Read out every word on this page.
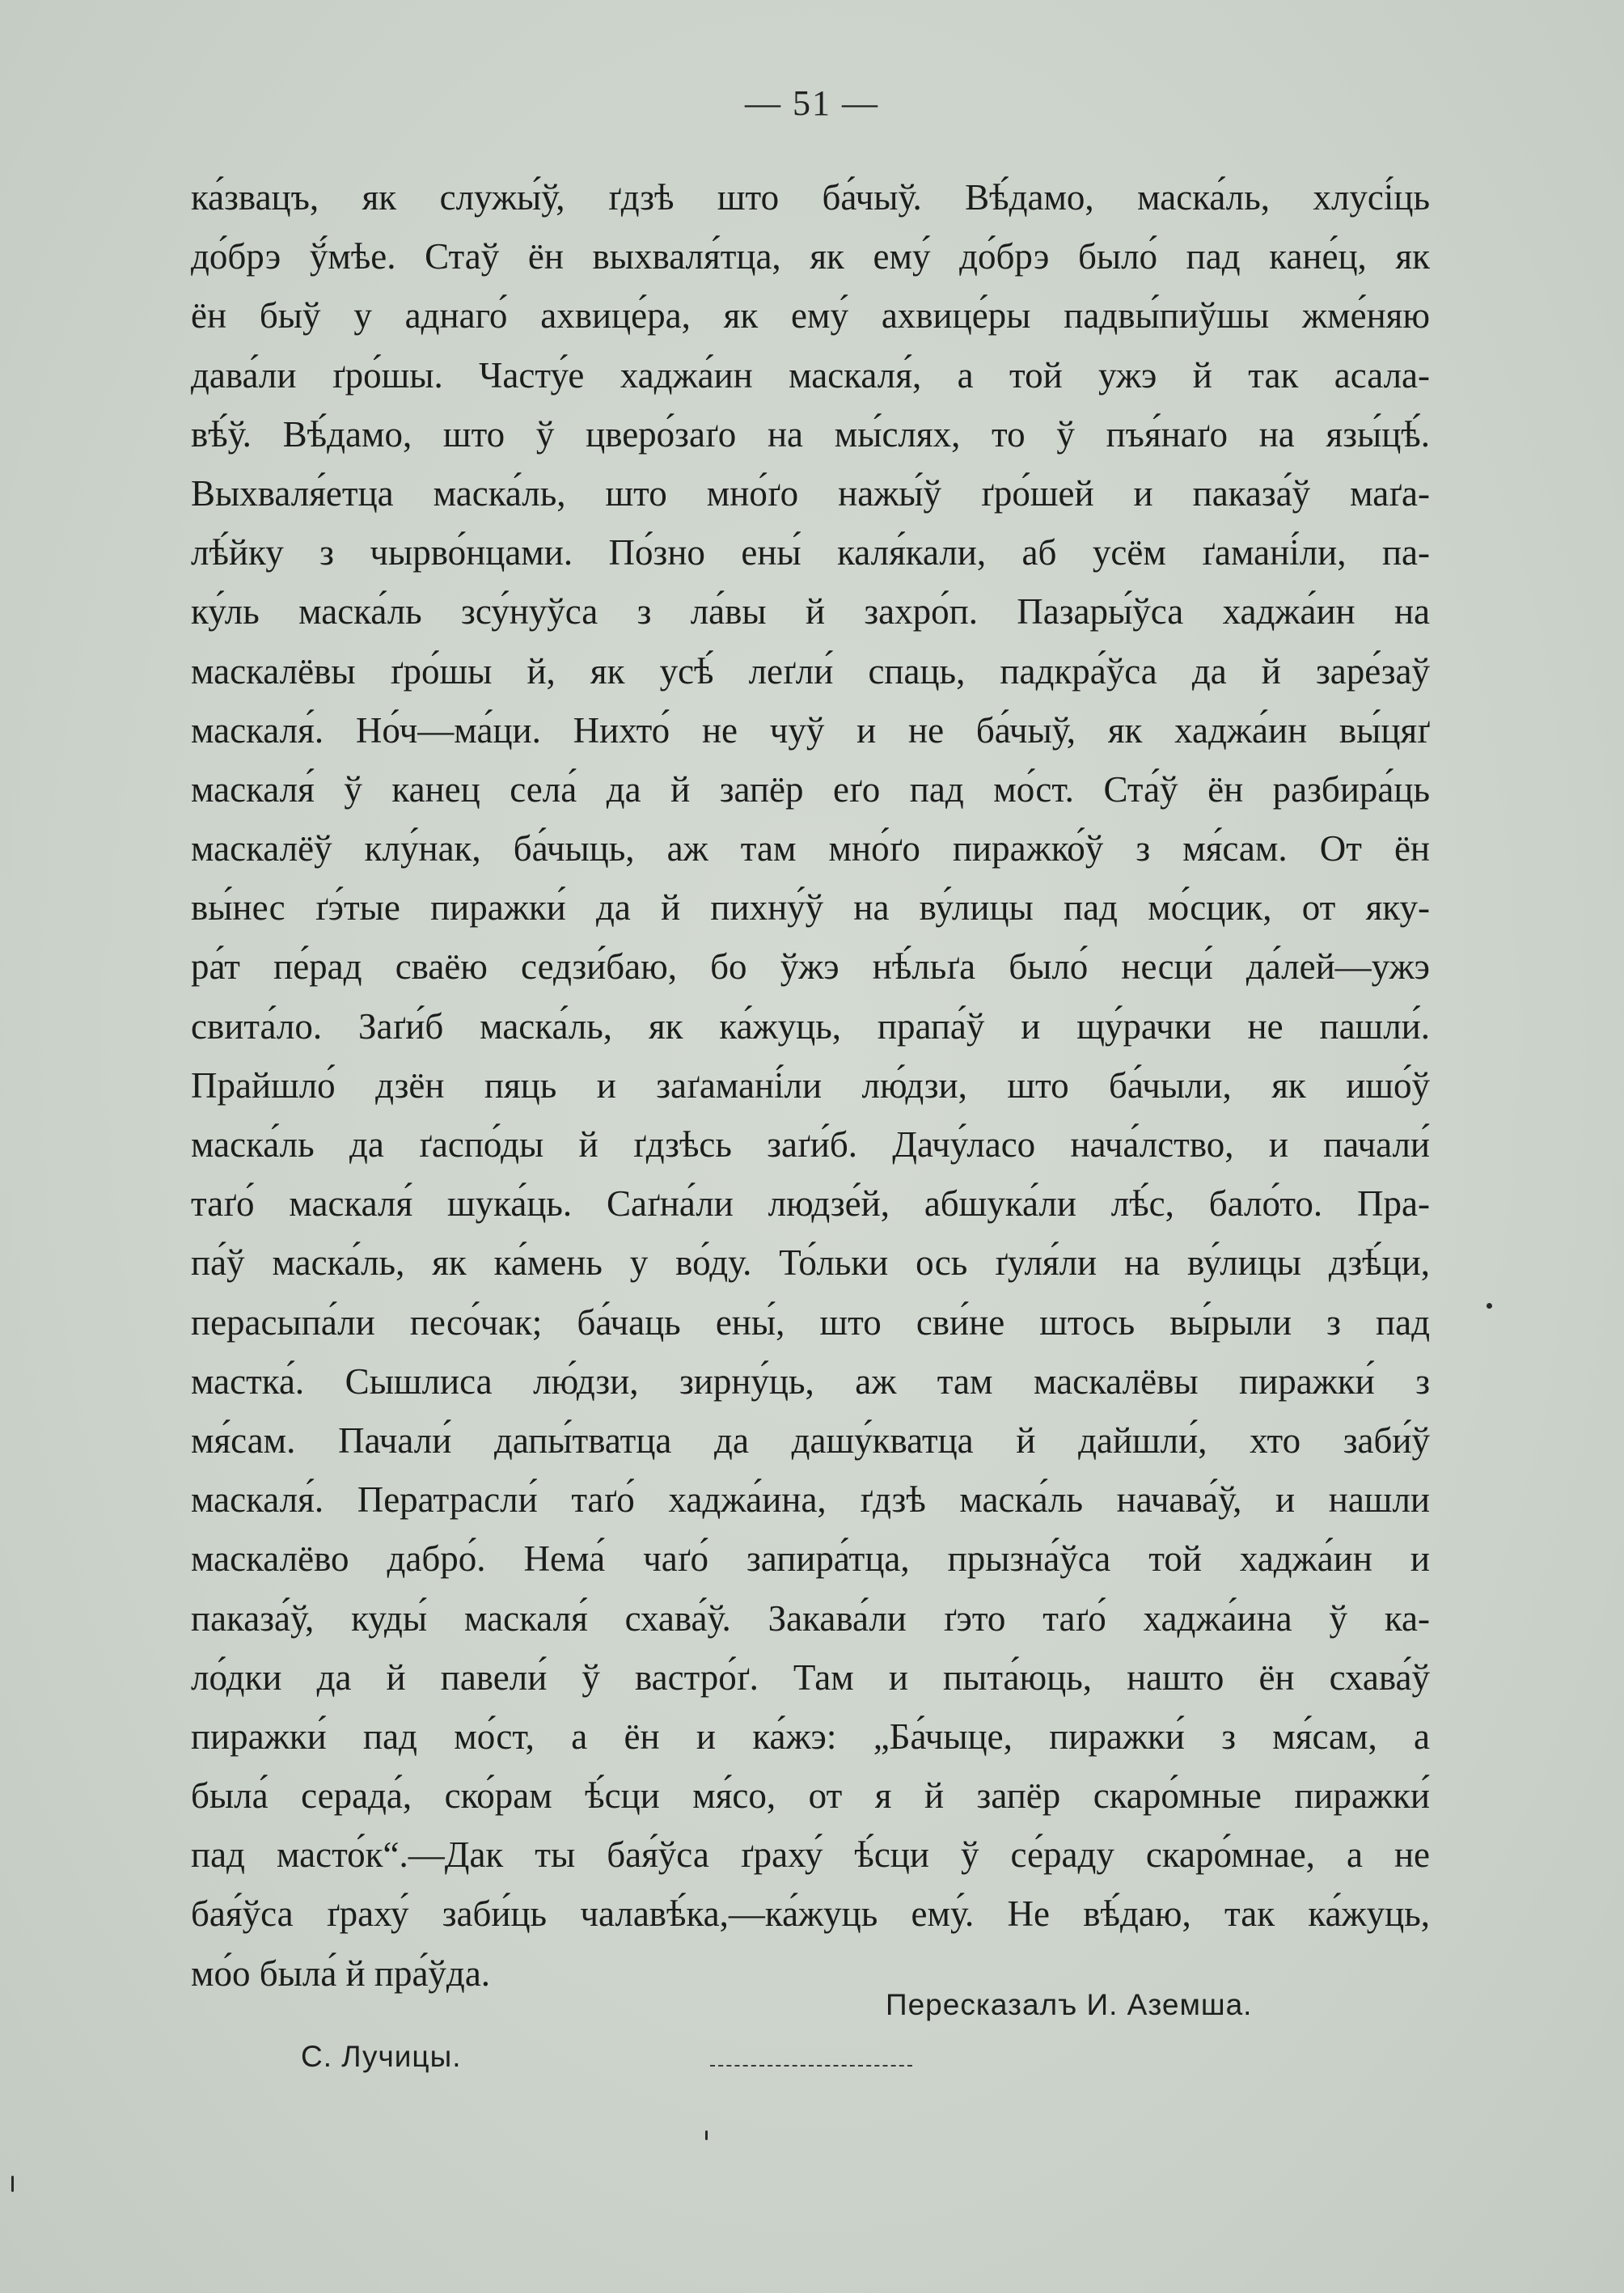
— 51 —
ка́звацъ, як служы́ў, ґдзѣ што ба́чыў. Вѣ́дамо, маска́ль, хлусі́ць
до́брэ ў́мѣе. Стаў ён выхваля́тца, як ему́ до́брэ было́ пад кане́ц, як
ён быў у аднаго́ ахвице́ра, як ему́ ахвице́ры падвы́пиўшы жме́няю
дава́ли ґро́шы. Часту́е хаджа́ин маскаля́, а той ужэ й так асала-
вѣ́ў. Вѣ́дамо, што ў цверо́заґо на мы́слях, то ў пъя́наґо на язы́цѣ́.
Выхваля́етца маска́ль, што мно́ґо нажы́ў ґро́шей и паказа́ў маґа-
лѣ́йку з чырво́нцами. По́зно ены́ каля́кали, аб усём ґамані́ли, па-
ку́ль маска́ль зсу́нуўса з ла́вы й захро́п. Пазары́ўса хаджа́ин на
маскалёвы ґро́шы й, як усѣ́ леґли́ спаць, падкра́ўса да й заре́заў
маскаля́. Но́ч—ма́ци. Нихто́ не чуў и не ба́чыў, як хаджа́ин вы́цяґ
маскаля́ ў канец села́ да й запёр еґо пад мо́ст. Ста́ў ён разбира́ць
маскалёў клу́нак, ба́чыць, аж там мно́ґо пиражко́ў з мя́сам. От ён
вы́нес ґэ́тые пиражки́ да й пихну́ў на ву́лицы пад мо́сцик, от яку-
ра́т пе́рад сваёю седзи́баю, бо ўжэ нѣ́льґа было́ несци́ да́лей—ужэ
свита́ло. Заґи́б маска́ль, як ка́жуць, прапа́ў и щу́рачки не пашли́.
Прайшло́ дзён пяць и заґамані́ли лю́дзи, што ба́чыли, як ишо́ў
маска́ль да ґаспо́ды й ґдзѣсь заґи́б. Дачу́ласо нача́лство, и пачали́
таґо́ маскаля́ шука́ць. Саґна́ли людзе́й, абшука́ли лѣ́с, бало́то. Пра-
па́ў маска́ль, як ка́мень у во́ду. То́льки ось ґуля́ли на ву́лицы дзѣ́ци,
перасыпа́ли песо́чак; ба́чаць ены́, што сви́не штось вы́рыли з пад
мастка́. Сышлиса лю́дзи, зирну́ць, аж там маскалёвы пиражки́ з
мя́сам. Пачали́ дапы́тватца да дашу́кватца й дайшли́, хто заби́ў
маскаля́. Ператрасли́ таґо́ хаджа́ина, ґдзѣ маска́ль начава́ў, и нашли
маскалёво дабро́. Нема́ чаґо́ запира́тца, прызна́ўса той хаджа́ин и
паказа́ў, куды́ маскаля́ схава́ў. Закава́ли ґэто таґо́ хаджа́ина ў ка-
ло́дки да й павели́ ў вастро́ґ. Там и пыта́юць, нашто ён схава́ў
пиражки́ пад мо́ст, а ён и ка́жэ: „Ба́чыце, пиражки́ з мя́сам, а
была́ серада́, ско́рам ѣ́сци мя́со, от я й запёр скаро́мные пиражки́
пад масто́к“.—Дак ты бая́ўса ґраху́ ѣ́сци ў се́раду скаро́мнае, а не
бая́ўса ґраху́ заби́ць чалавѣ́ка,—ка́жуць ему́. Не вѣ́даю, так ка́жуць,
мо́о была́ й пра́ўда.
Пересказалъ И. Аземша.
С. Лучицы.
